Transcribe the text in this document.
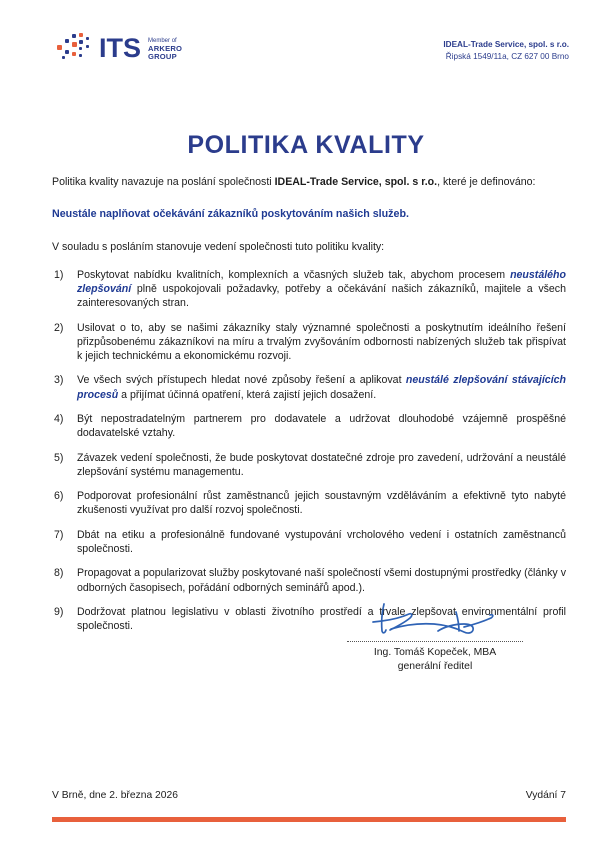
ITS Member of
ARKERO
GROUP
IDEAL-Trade Service, spol. s r.o.
Řipská 1549/11a, CZ 627 00 Brno
POLITIKA KVALITY

Politika kvality navazuje na poslání společnosti IDEAL-Trade Service, spol. s r.o., které je definováno:

Neustále naplňovat očekávání zákazníků poskytováním našich služeb.

V souladu s posláním stanovuje vedení společnosti tuto politiku kvality:

1)	Poskytovat nabídku kvalitních, komplexních a včasných služeb tak, abychom procesem neustálého zlepšování plně uspokojovali požadavky, potřeby a očekávání našich zákazníků, majitele a všech zainteresovaných stran.
2)	Usilovat o to, aby se našimi zákazníky staly významné společnosti a poskytnutím ideálního řešení přizpůsobenému zákazníkovi na míru a trvalým zvyšováním odbornosti nabízených služeb tak přispívat k jejich technickému a ekonomickému rozvoji.
3)	Ve všech svých přístupech hledat nové způsoby řešení a aplikovat neustálé zlepšování stávajících procesů a přijímat účinná opatření, která zajistí jejich dosažení.
4)	Být nepostradatelným partnerem pro dodavatele a udržovat dlouhodobé vzájemně prospěšné dodavatelské vztahy.
5)	Závazek vedení společnosti, že bude poskytovat dostatečné zdroje pro zavedení, udržování a neustálé zlepšování systému managementu.
6)	Podporovat profesionální růst zaměstnanců jejich soustavným vzděláváním a efektivně tyto nabyté zkušenosti využívat pro další rozvoj společnosti.
7)	Dbát na etiku a profesionálně fundované vystupování vrcholového vedení i ostatních zaměstnanců společnosti.
8)	Propagovat a popularizovat služby poskytované naší společností všemi dostupnými prostředky (články v odborných časopisech, pořádání odborných seminářů apod.).
9)	Dodržovat platnou legislativu v oblasti životního prostředí a trvale zlepšovat environmentální profil společnosti.
Ing. Tomáš Kopeček, MBA
generální ředitel
V Brně, dne 2. března 2026	Vydání 7
